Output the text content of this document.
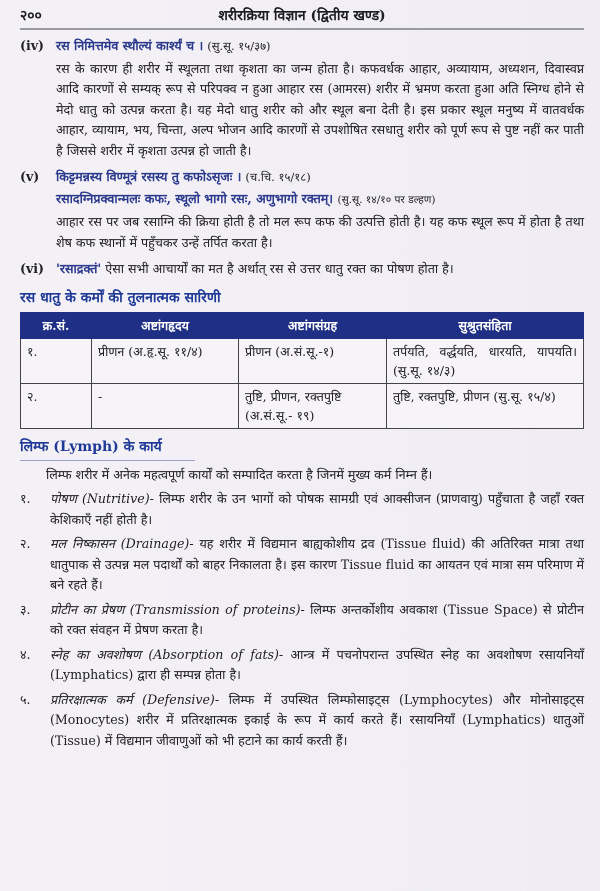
२००	शरीरक्रिया विज्ञान (द्वितीय खण्ड)
(iv) रस निमित्तमेव स्थौल्यं कार्श्यं च । (सु.सू. १५/३७)
रस के कारण ही शरीर में स्थूलता तथा कृशता का जन्म होता है। कफवर्धक आहार, अव्यायाम, अध्यशन, दिवास्वप्न आदि कारणों से सम्यक् रूप से परिपक्व न हुआ आहार रस (आमरस) शरीर में भ्रमण करता हुआ अति स्निग्ध होने से मेदो धातु को उत्पन्न करता है। यह मेदो धातु शरीर को और स्थूल बना देती है। इस प्रकार स्थूल मनुष्य में वातवर्धक आहार, व्यायाम, भय, चिन्ता, अल्प भोजन आदि कारणों से उपशोषित रसधातु शरीर को पूर्ण रूप से पुष्ट नहीं कर पाती है जिससे शरीर में कृशता उत्पन्न हो जाती है।
(v)	किट्टमन्नस्य विण्मूत्रं रसस्य तु कफोऽसृजः । (च.चि. १५/१८)
रसादग्निप्रक्वान्मलः कफः, स्थूलो भागो रसः, अणुभागो रक्तम्। (सु.सू. १४/१० पर डल्हण)
आहार रस पर जब रसाग्नि की क्रिया होती है तो मल रूप कफ की उत्पत्ति होती है। यह कफ स्थूल रूप में होता है तथा शेष कफ स्थानों में पहुँचकर उन्हें तर्पित करता है।
(vi) 'रसाद्रक्तं' ऐसा सभी आचार्यों का मत है अर्थात् रस से उत्तर धातु रक्त का पोषण होता है।
रस धातु के कर्मों की तुलनात्मक सारिणी
क्र.सं.	अष्टांगहृदय	अष्टांगसंग्रह	सुश्रुतसंहिता
१.	प्रीणन (अ.हृ.सू. ११/४)	प्रीणन (अ.सं.सू.-१)	तर्पयति, वर्द्धयति, धारयति, यापयति। (सु.सू. १४/३)
२.	-	तुष्टि, प्रीणन, रक्तपुष्टि (अ.सं.सू.- १९)	तुष्टि, रक्तपुष्टि, प्रीणन (सु.सू. १५/४)
लिम्फ (Lymph) के कार्य
लिम्फ शरीर में अनेक महत्वपूर्ण कार्यों को सम्पादित करता है जिनमें मुख्य कर्म निम्न हैं।
१.	पोषण (Nutritive)- लिम्फ शरीर के उन भागों को पोषक सामग्री एवं आक्सीजन (प्राणवायु) पहुँचाता है जहाँ रक्त केशिकाएँ नहीं होती है।
२.	मल निष्कासन (Drainage)- यह शरीर में विद्यमान बाह्यकोशीय द्रव (Tissue fluid) की अतिरिक्त मात्रा तथा धातुपाक से उत्पन्न मल पदार्थों को बाहर निकालता है। इस कारण Tissue fluid का आयतन एवं मात्रा सम परिमाण में बने रहते हैं।
३.	प्रोटीन का प्रेषण (Transmission of proteins)- लिम्फ अन्तर्कोशीय अवकाश (Tissue Space) से प्रोटीन को रक्त संवहन में प्रेषण करता है।
४.	स्नेह का अवशोषण (Absorption of fats)- आन्त्र में पचनोपरान्त उपस्थित स्नेह का अवशोषण रसायनियाँ (Lymphatics) द्वारा ही सम्पन्न होता है।
५.	प्रतिरक्षात्मक कर्म (Defensive)- लिम्फ में उपस्थित लिम्फोसाइट्स (Lymphocytes) और मोनोसाइट्स (Monocytes) शरीर में प्रतिरक्षात्मक इकाई के रूप में कार्य करते हैं। रसायनियाँ (Lymphatics) धातुओं (Tissue) में विद्यमान जीवाणुओं को भी हटाने का कार्य करती हैं।
